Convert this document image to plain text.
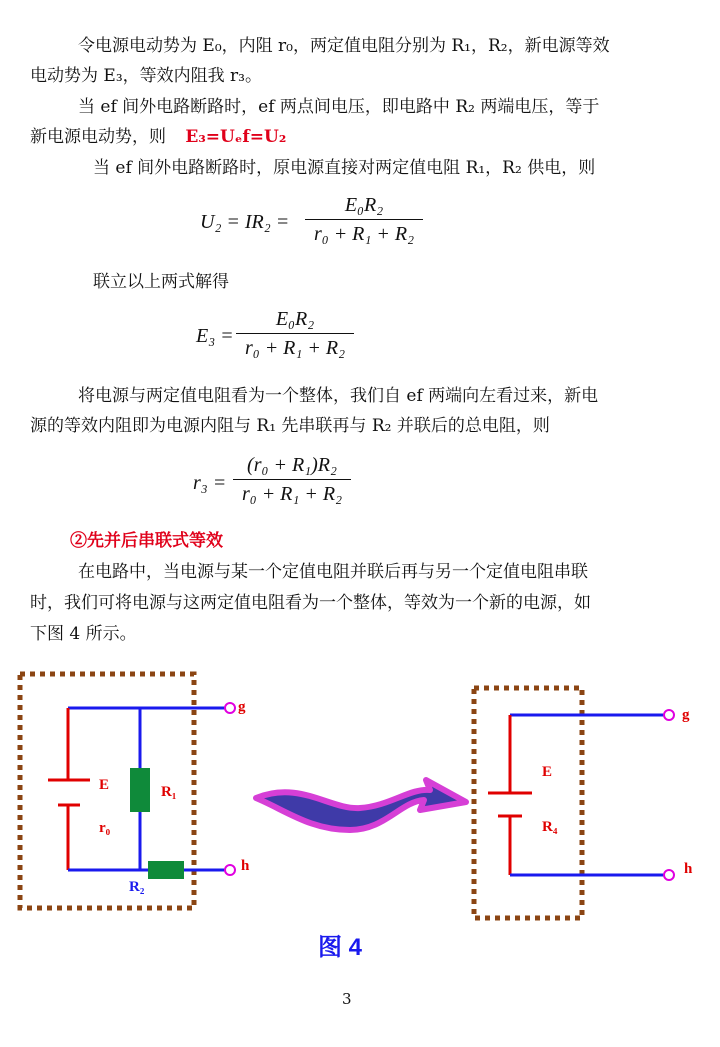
令电源电动势为 E₀，内阻 r₀，两定值电阻分别为 R₁，R₂，新电源等效
电动势为 E₃，等效内阻我 r₃。
当 ef 间外电路断路时，ef 两点间电压，即电路中 R₂ 两端电压，等于
新电源电动势，则 E₃=Uₑf=U₂
当 ef 间外电路断路时，原电源直接对两定值电阻 R₁，R₂ 供电，则
U₂ = IR₂ =
E₀R₂
r₀ + R₁ + R₂
联立以上两式解得
E₃ =
E₀R₂
r₀ + R₁ + R₂
将电源与两定值电阻看为一个整体，我们自 ef 两端向左看过来，新电
源的等效内阻即为电源内阻与 R₁ 先串联再与 R₂ 并联后的总电阻，则
r₃ =
(r₀ + R₁)R₂
r₀ + R₁ + R₂
②先并后串联式等效
在电路中，当电源与某一个定值电阻并联后再与另一个定值电阻串联
时，我们可将电源与这两定值电阻看为一个整体，等效为一个新的电源，如
下图 4 所示。
E
r₀
R₁
R₂
g
h
E
R₄
g
h
图 4
3
